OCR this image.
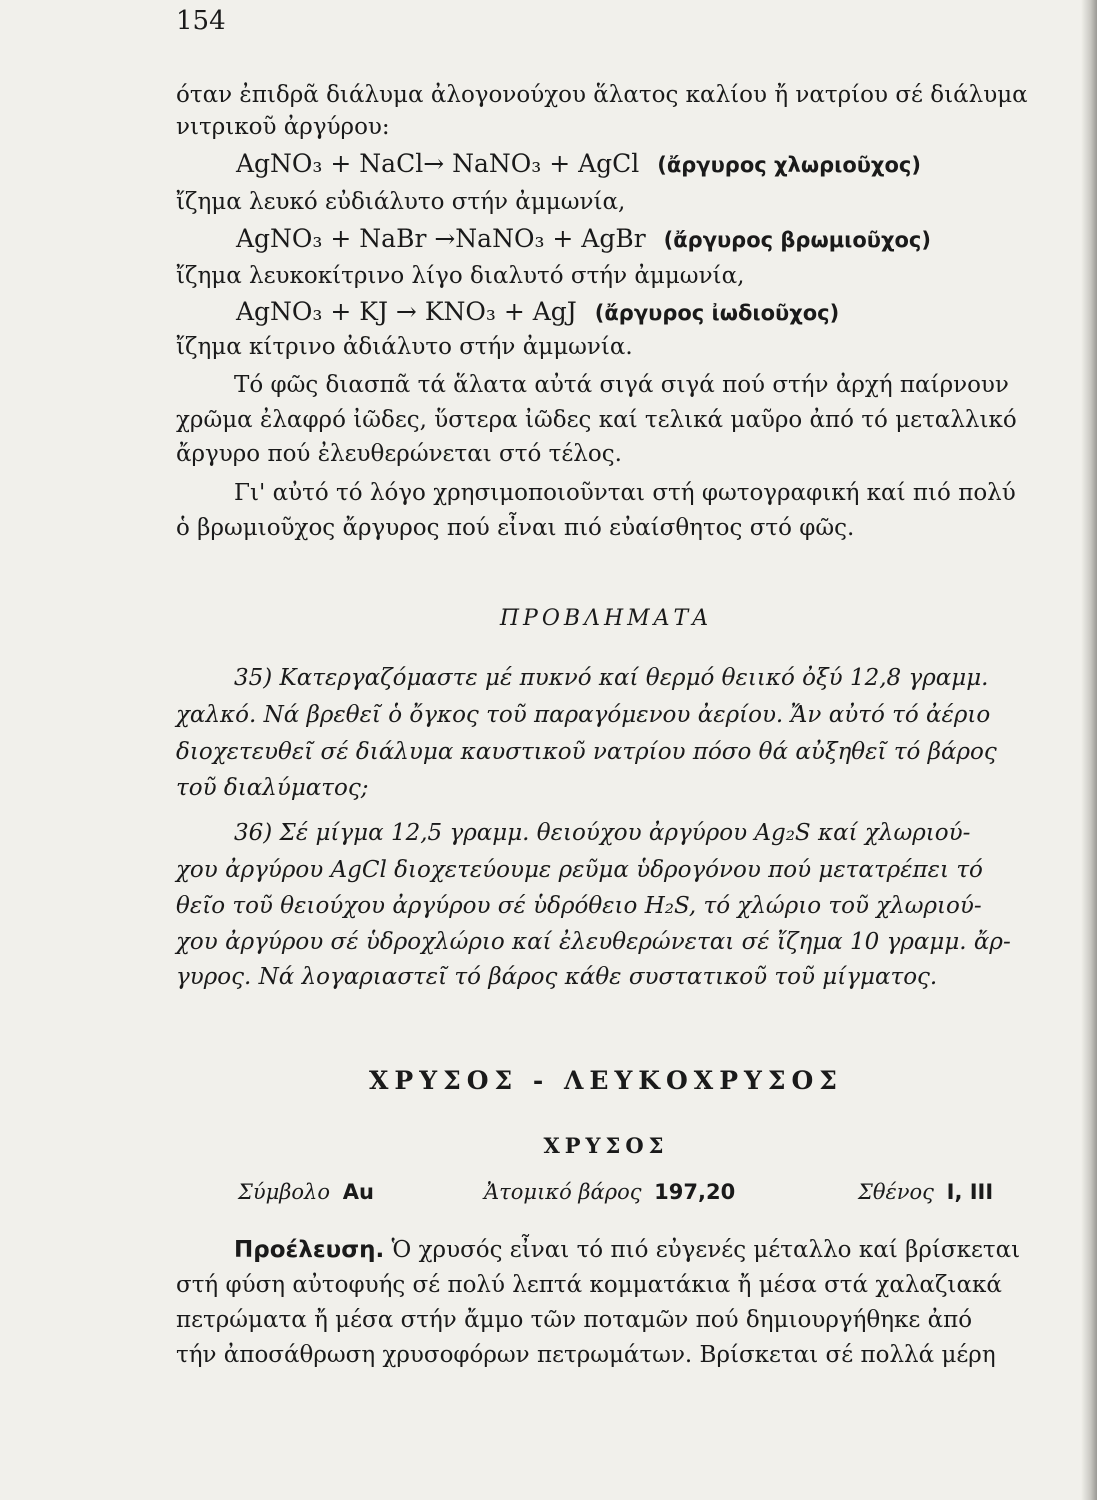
154
όταν ἐπιδρᾶ διάλυμα ἀλογονούχου ἅλατος καλίου ἤ νατρίου σέ διάλυμα
νιτρικοῦ ἀργύρου:
AgNO₃ + NaCl→ NaNO₃ + AgCl (ἄργυρος χλωριοῦχος)
ἴζημα λευκό εὐδιάλυτο στήν ἀμμωνία,
AgNO₃ + NaBr →NaNO₃ + AgBr (ἄργυρος βρωμιοῦχος)
ἴζημα λευκοκίτρινο λίγο διαλυτό στήν ἀμμωνία,
AgNO₃ + KJ → KNO₃ + AgJ (ἄργυρος ἰωδιοῦχος)
ἴζημα κίτρινο ἀδιάλυτο στήν ἀμμωνία.
Τό φῶς διασπᾶ τά ἅλατα αὐτά σιγά σιγά πού στήν ἀρχή παίρνουν
χρῶμα ἐλαφρό ἰῶδες, ὕστερα ἰῶδες καί τελικά μαῦρο ἀπό τό μεταλλικό
ἄργυρο πού ἐλευθερώνεται στό τέλος.
Γι' αὐτό τό λόγο χρησιμοποιοῦνται στή φωτογραφική καί πιό πολύ
ὁ βρωμιοῦχος ἄργυρος πού εἶναι πιό εὐαίσθητος στό φῶς.
ΠΡΟΒΛΗΜΑΤΑ
35) Κατεργαζόμαστε μέ πυκνό καί θερμό θειικό ὀξύ 12,8 γραμμ.
χαλκό. Νά βρεθεῖ ὁ ὄγκος τοῦ παραγόμενου ἀερίου. Ἄν αὐτό τό ἀέριο
διοχετευθεῖ σέ διάλυμα καυστικοῦ νατρίου πόσο θά αὐξηθεῖ τό βάρος
τοῦ διαλύματος;
36) Σέ μίγμα 12,5 γραμμ. θειούχου ἀργύρου Ag₂S καί χλωριού-
χου ἀργύρου AgCl διοχετεύουμε ρεῦμα ὑδρογόνου πού μετατρέπει τό
θεῖο τοῦ θειούχου ἀργύρου σέ ὑδρόθειο H₂S, τό χλώριο τοῦ χλωριού-
χου ἀργύρου σέ ὑδροχλώριο καί ἐλευθερώνεται σέ ἴζημα 10 γραμμ. ἄρ-
γυρος. Νά λογαριαστεῖ τό βάρος κάθε συστατικοῦ τοῦ μίγματος.
ΧΡΥΣΟΣ - ΛΕΥΚΟΧΡΥΣΟΣ
ΧΡΥΣΟΣ
Σύμβολο Au	Ἀτομικό βάρος 197,20	Σθένος I, III
Προέλευση. Ὁ χρυσός εἶναι τό πιό εὐγενές μέταλλο καί βρίσκεται
στή φύση αὐτοφυής σέ πολύ λεπτά κομματάκια ἤ μέσα στά χαλαζιακά
πετρώματα ἤ μέσα στήν ἄμμο τῶν ποταμῶν πού δημιουργήθηκε ἀπό
τήν ἀποσάθρωση χρυσοφόρων πετρωμάτων. Βρίσκεται σέ πολλά μέρη
